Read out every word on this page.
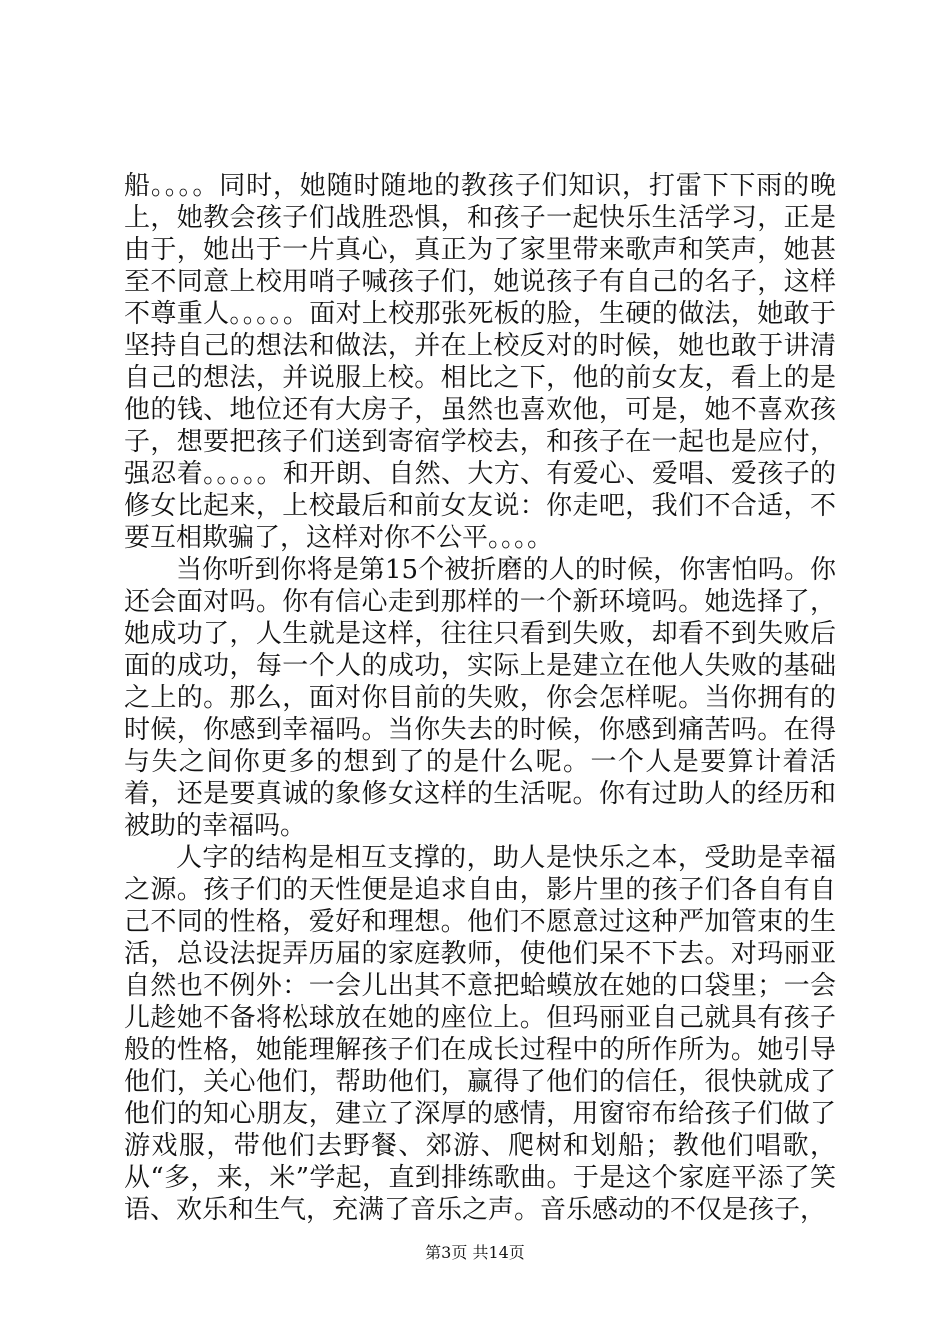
船。。。。同时，她随时随地的教孩子们知识，打雷下下雨的晚上，她教会孩子们战胜恐惧，和孩子一起快乐生活学习，正是由于，她出于一片真心，真正为了家里带来歌声和笑声，她甚至不同意上校用哨子喊孩子们，她说孩子有自己的名子，这样不尊重人。。。。。面对上校那张死板的脸，生硬的做法，她敢于坚持自己的想法和做法，并在上校反对的时候，她也敢于讲清自己的想法，并说服上校。相比之下，他的前女友，看上的是他的钱、地位还有大房子，虽然也喜欢他，可是，她不喜欢孩子，想要把孩子们送到寄宿学校去，和孩子在一起也是应付，强忍着。。。。。和开朗、自然、大方、有爱心、爱唱、爱孩子的修女比起来，上校最后和前女友说：你走吧，我们不合适，不要互相欺骗了，这样对你不公平。。。。

当你听到你将是第15个被折磨的人的时候，你害怕吗。你还会面对吗。你有信心走到那样的一个新环境吗。她选择了，她成功了，人生就是这样，往往只看到失败，却看不到失败后面的成功，每一个人的成功，实际上是建立在他人失败的基础之上的。那么，面对你目前的失败，你会怎样呢。当你拥有的时候，你感到幸福吗。当你失去的时候，你感到痛苦吗。在得与失之间你更多的想到了的是什么呢。一个人是要算计着活着，还是要真诚的象修女这样的生活呢。你有过助人的经历和被助的幸福吗。

人字的结构是相互支撑的，助人是快乐之本，受助是幸福之源。孩子们的天性便是追求自由，影片里的孩子们各自有自己不同的性格，爱好和理想。他们不愿意过这种严加管束的生活，总设法捉弄历届的家庭教师，使他们呆不下去。对玛丽亚自然也不例外：一会儿出其不意把蛤蟆放在她的口袋里；一会儿趁她不备将松球放在她的座位上。但玛丽亚自己就具有孩子般的性格，她能理解孩子们在成长过程中的所作所为。她引导他们，关心他们，帮助他们，赢得了他们的信任，很快就成了他们的知心朋友，建立了深厚的感情，用窗帘布给孩子们做了游戏服，带他们去野餐、郊游、爬树和划船；教他们唱歌，从“多，来，米”学起，直到排练歌曲。于是这个家庭平添了笑语、欢乐和生气，充满了音乐之声。音乐感动的不仅是孩子，

第3页 共14页
